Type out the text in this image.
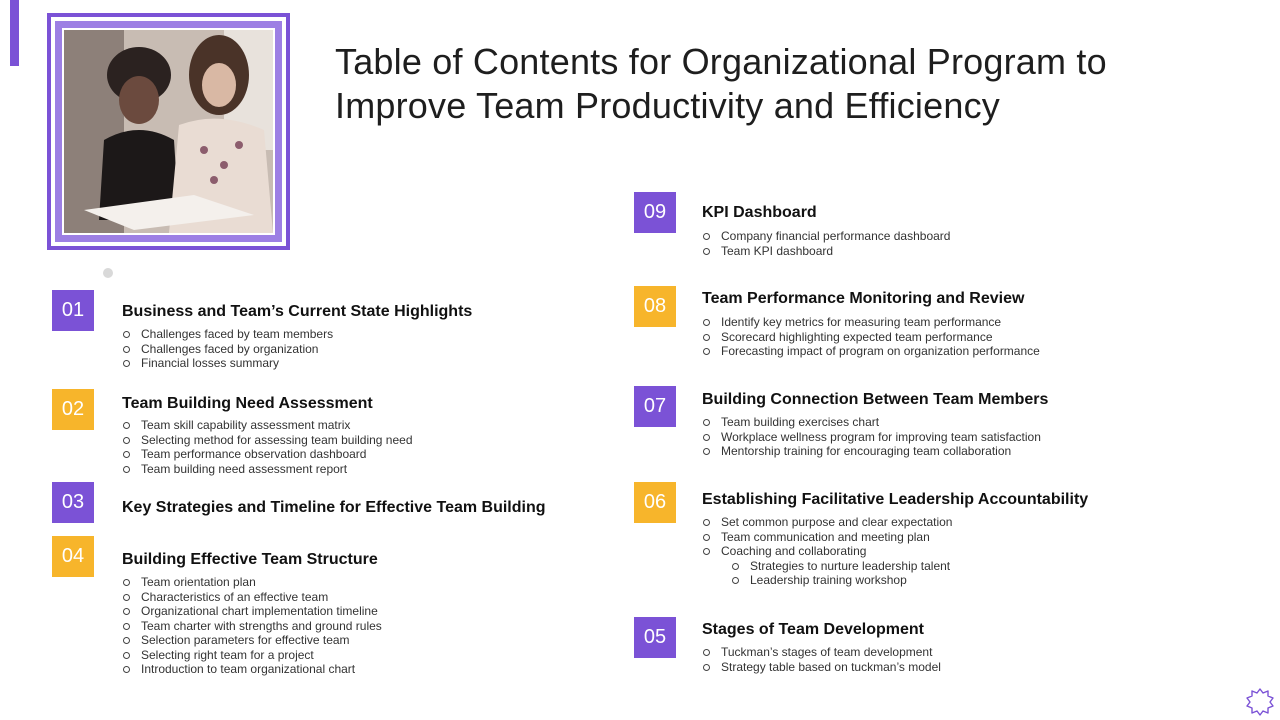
Table of Contents for Organizational Program to Improve Team Productivity and Efficiency
01	Business and Team’s Current State Highlights
Challenges faced by team members
Challenges faced by organization
Financial losses summary
02	Team Building Need Assessment
Team skill capability assessment matrix
Selecting method for assessing team building need
Team performance observation dashboard
Team building need assessment report
03	Key Strategies and Timeline for Effective Team Building
04	Building Effective Team Structure
Team orientation plan
Characteristics of an effective team
Organizational chart implementation timeline
Team charter with strengths and ground rules
Selection parameters for effective team
Selecting right team for a project
Introduction to team organizational chart
09	KPI Dashboard
Company financial performance dashboard
Team KPI dashboard
08	Team Performance Monitoring and Review
Identify key metrics for measuring team performance
Scorecard highlighting expected team performance
Forecasting impact of program on organization performance
07	Building Connection Between Team Members
Team building exercises chart
Workplace wellness program for improving team satisfaction
Mentorship training for encouraging team collaboration
06	Establishing Facilitative Leadership Accountability
Set common purpose and clear expectation
Team communication and meeting plan
Coaching and collaborating
Strategies to nurture leadership talent
Leadership training workshop
05	Stages of Team Development
Tuckman’s stages of team development
Strategy table based on tuckman’s model
